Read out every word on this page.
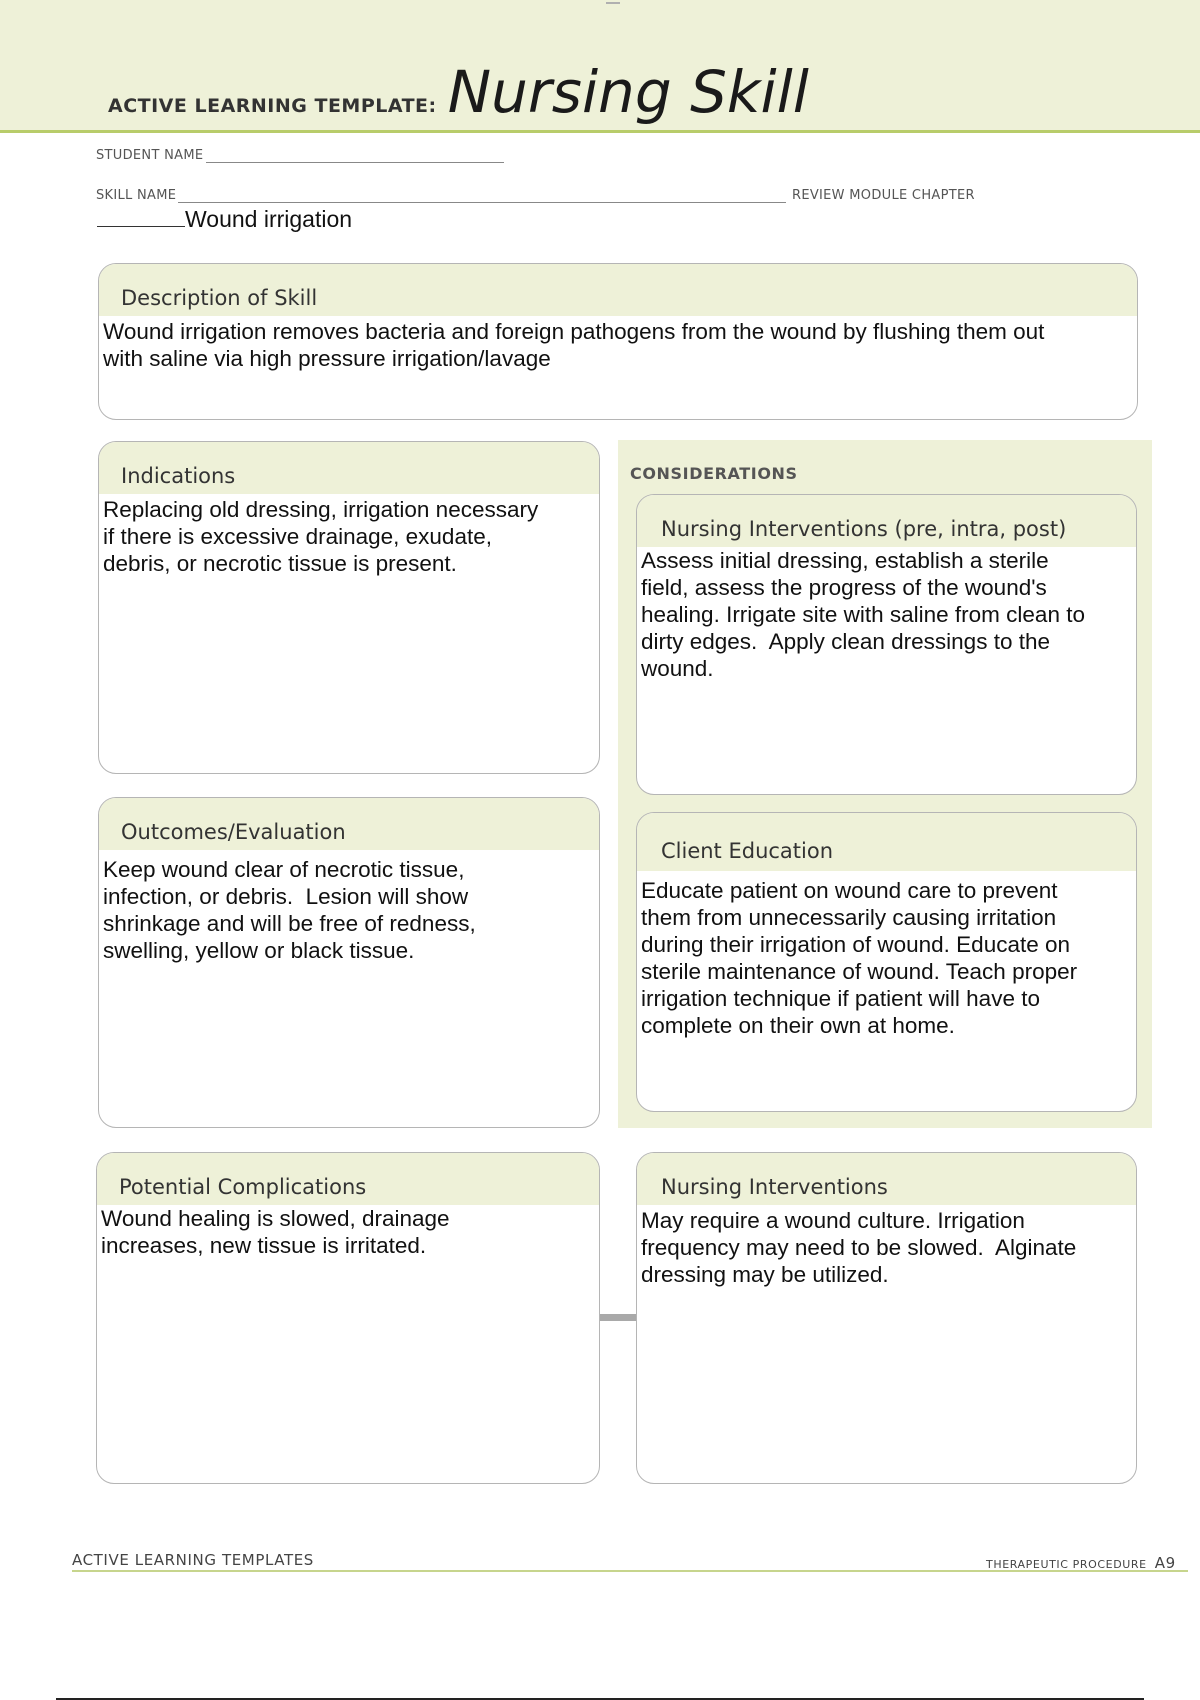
ACTIVE LEARNING TEMPLATE: Nursing Skill
STUDENT NAME
SKILL NAME	REVIEW MODULE CHAPTER
Wound irrigation
Description of Skill
Wound irrigation removes bacteria and foreign pathogens from the wound by flushing them out
with saline via high pressure irrigation/lavage
CONSIDERATIONS
Indications
Replacing old dressing, irrigation necessary
if there is excessive drainage, exudate,
debris, or necrotic tissue is present.
Nursing Interventions (pre, intra, post)
Assess initial dressing, establish a sterile
field, assess the progress of the wound's
healing. Irrigate site with saline from clean to
dirty edges.  Apply clean dressings to the
wound.
Outcomes/Evaluation
Keep wound clear of necrotic tissue,
infection, or debris.  Lesion will show
shrinkage and will be free of redness,
swelling, yellow or black tissue.
Client Education
Educate patient on wound care to prevent
them from unnecessarily causing irritation
during their irrigation of wound. Educate on
sterile maintenance of wound. Teach proper
irrigation technique if patient will have to
complete on their own at home.
Potential Complications
Wound healing is slowed, drainage
increases, new tissue is irritated.
Nursing Interventions
May require a wound culture. Irrigation
frequency may need to be slowed.  Alginate
dressing may be utilized.
ACTIVE LEARNING TEMPLATES	THERAPEUTIC PROCEDURE A9
